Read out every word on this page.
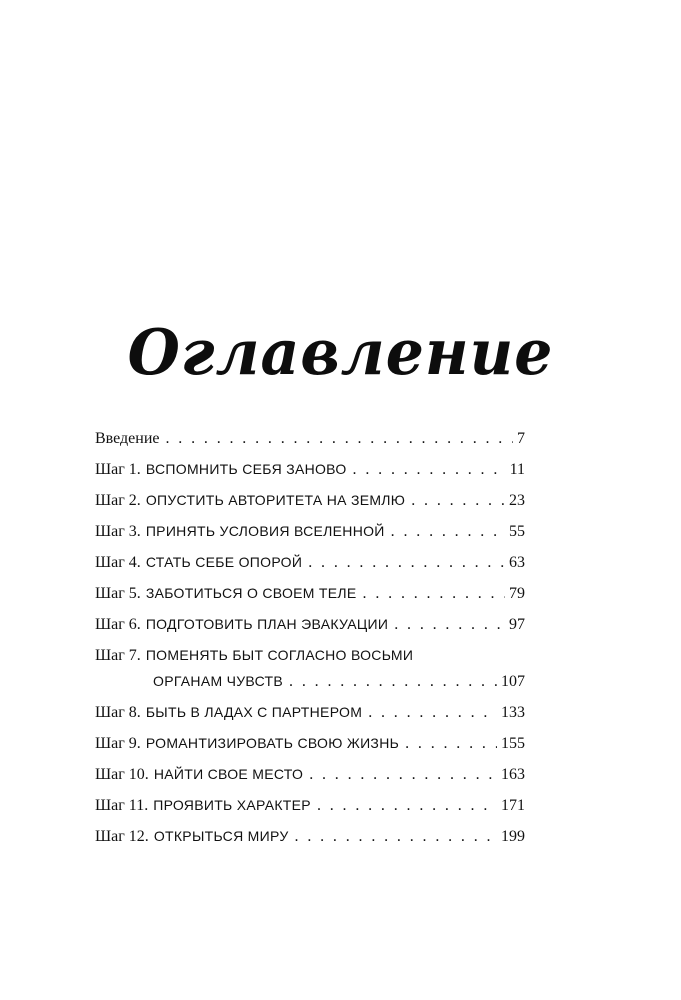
Оглавление
Введение . . .	7
Шаг 1. ВСПОМНИТЬ СЕБЯ ЗАНОВО . . .	11
Шаг 2. ОПУСТИТЬ АВТОРИТЕТА НА ЗЕМЛЮ . . .	23
Шаг 3. ПРИНЯТЬ УСЛОВИЯ ВСЕЛЕННОЙ . . .	55
Шаг 4. СТАТЬ СЕБЕ ОПОРОЙ . . .	63
Шаг 5. ЗАБОТИТЬСЯ О СВОЕМ ТЕЛЕ . . .	79
Шаг 6. ПОДГОТОВИТЬ ПЛАН ЭВАКУАЦИИ . . .	97
Шаг 7. ПОМЕНЯТЬ БЫТ СОГЛАСНО ВОСЬМИ
ОРГАНАМ ЧУВСТВ . . .	107
Шаг 8. БЫТЬ В ЛАДАХ С ПАРТНЕРОМ . . .	133
Шаг 9. РОМАНТИЗИРОВАТЬ СВОЮ ЖИЗНЬ . . .	155
Шаг 10. НАЙТИ СВОЕ МЕСТО . . .	163
Шаг 11. ПРОЯВИТЬ ХАРАКТЕР . . .	171
Шаг 12. ОТКРЫТЬСЯ МИРУ . . .	199
